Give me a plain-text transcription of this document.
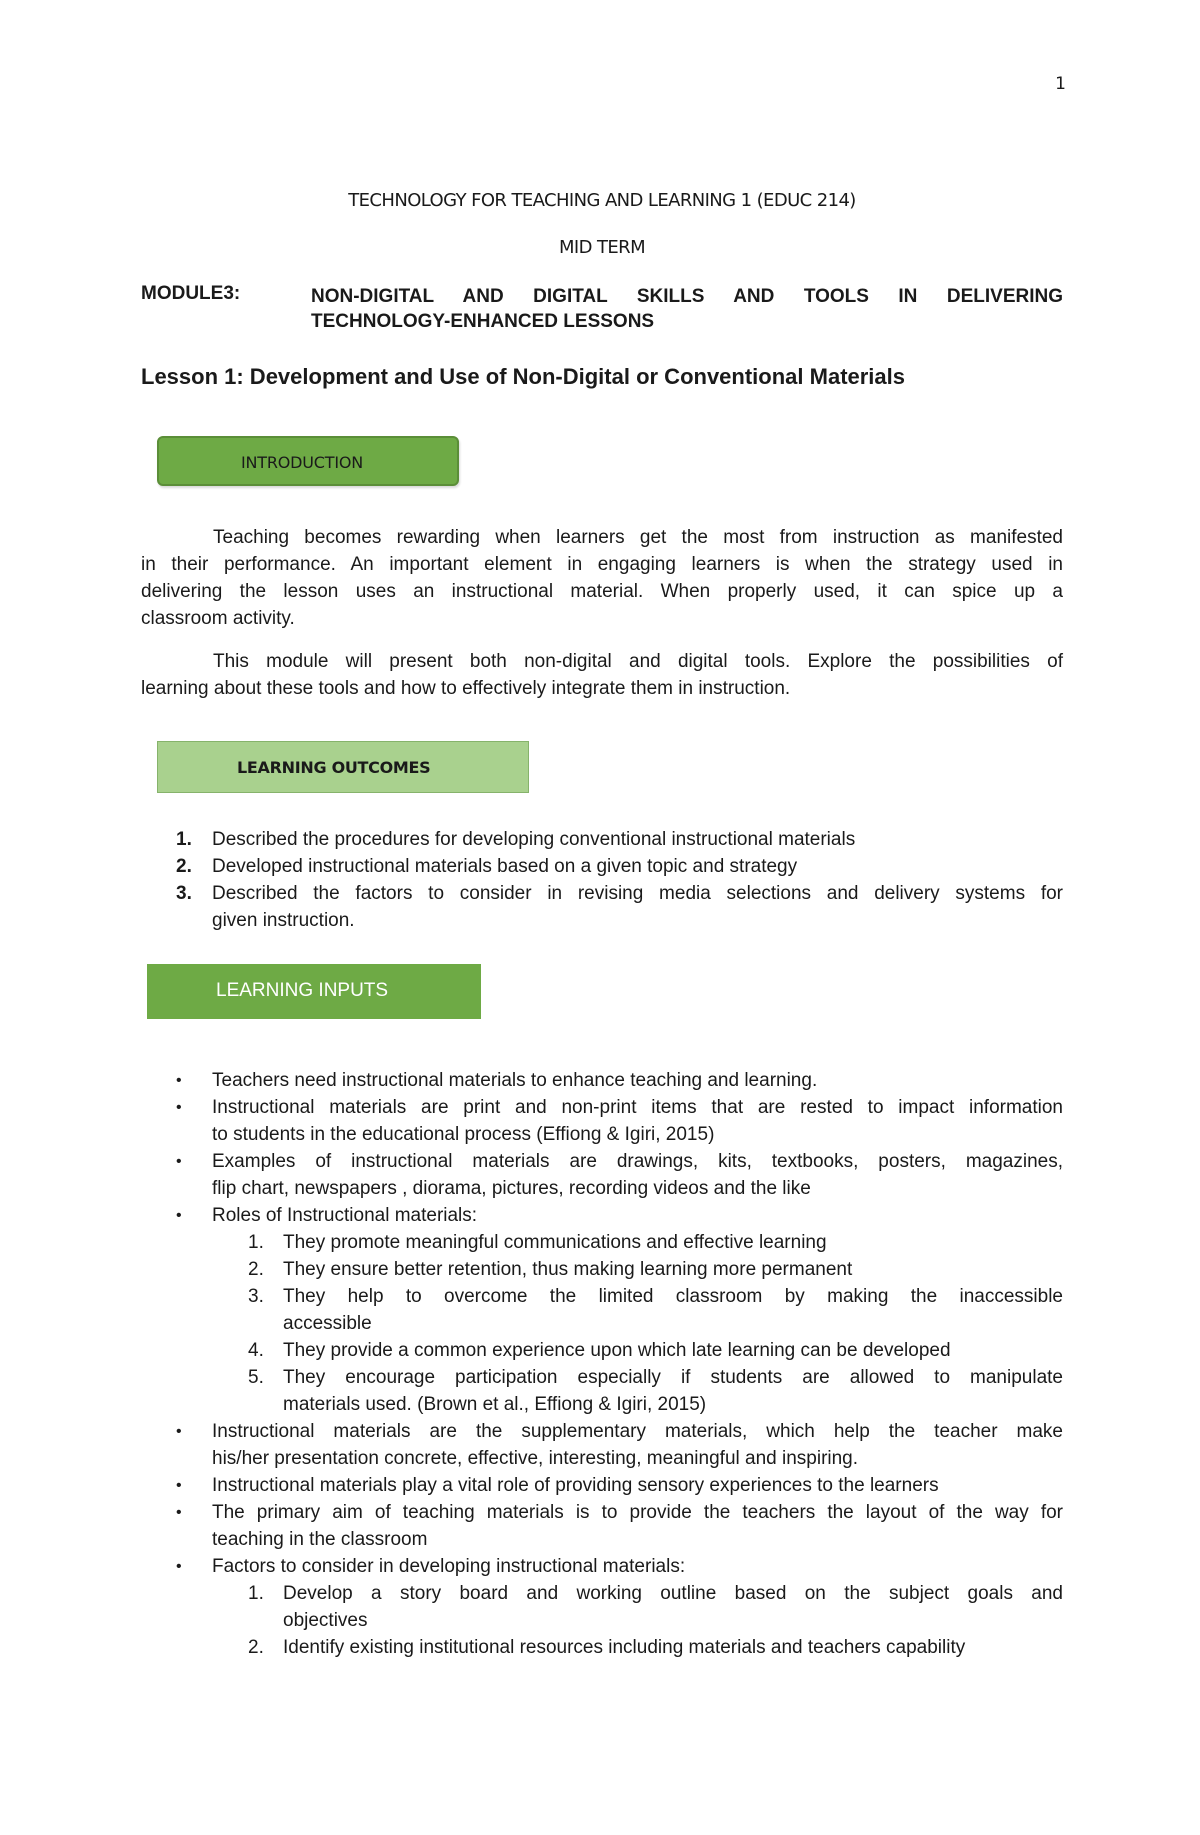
1
TECHNOLOGY FOR TEACHING AND LEARNING 1 (EDUC 214)
MID TERM
MODULE3:	NON-DIGITAL AND DIGITAL SKILLS AND TOOLS IN DELIVERING
TECHNOLOGY-ENHANCED LESSONS
Lesson 1: Development and Use of Non-Digital or Conventional Materials
INTRODUCTION
Teaching becomes rewarding when learners get the most from instruction as manifested
in their performance. An important element in engaging learners is when the strategy used in
delivering the lesson uses an instructional material. When properly used, it can spice up a
classroom activity.
This module will present both non-digital and digital tools. Explore the possibilities of
learning about these tools and how to effectively integrate them in instruction.
LEARNING OUTCOMES
1. Described the procedures for developing conventional instructional materials
2. Developed instructional materials based on a given topic and strategy
3. Described the factors to consider in revising media selections and delivery systems for
given instruction.
LEARNING INPUTS
• Teachers need instructional materials to enhance teaching and learning.
• Instructional materials are print and non-print items that are rested to impact information
to students in the educational process (Effiong & Igiri, 2015)
• Examples of instructional materials are drawings, kits, textbooks, posters, magazines,
flip chart, newspapers , diorama, pictures, recording videos and the like
• Roles of Instructional materials:
1. They promote meaningful communications and effective learning
2. They ensure better retention, thus making learning more permanent
3. They help to overcome the limited classroom by making the inaccessible
accessible
4. They provide a common experience upon which late learning can be developed
5. They encourage participation especially if students are allowed to manipulate
materials used. (Brown et al., Effiong & Igiri, 2015)
• Instructional materials are the supplementary materials, which help the teacher make
his/her presentation concrete, effective, interesting, meaningful and inspiring.
• Instructional materials play a vital role of providing sensory experiences to the learners
• The primary aim of teaching materials is to provide the teachers the layout of the way for
teaching in the classroom
• Factors to consider in developing instructional materials:
1. Develop a story board and working outline based on the subject goals and
objectives
2. Identify existing institutional resources including materials and teachers capability
